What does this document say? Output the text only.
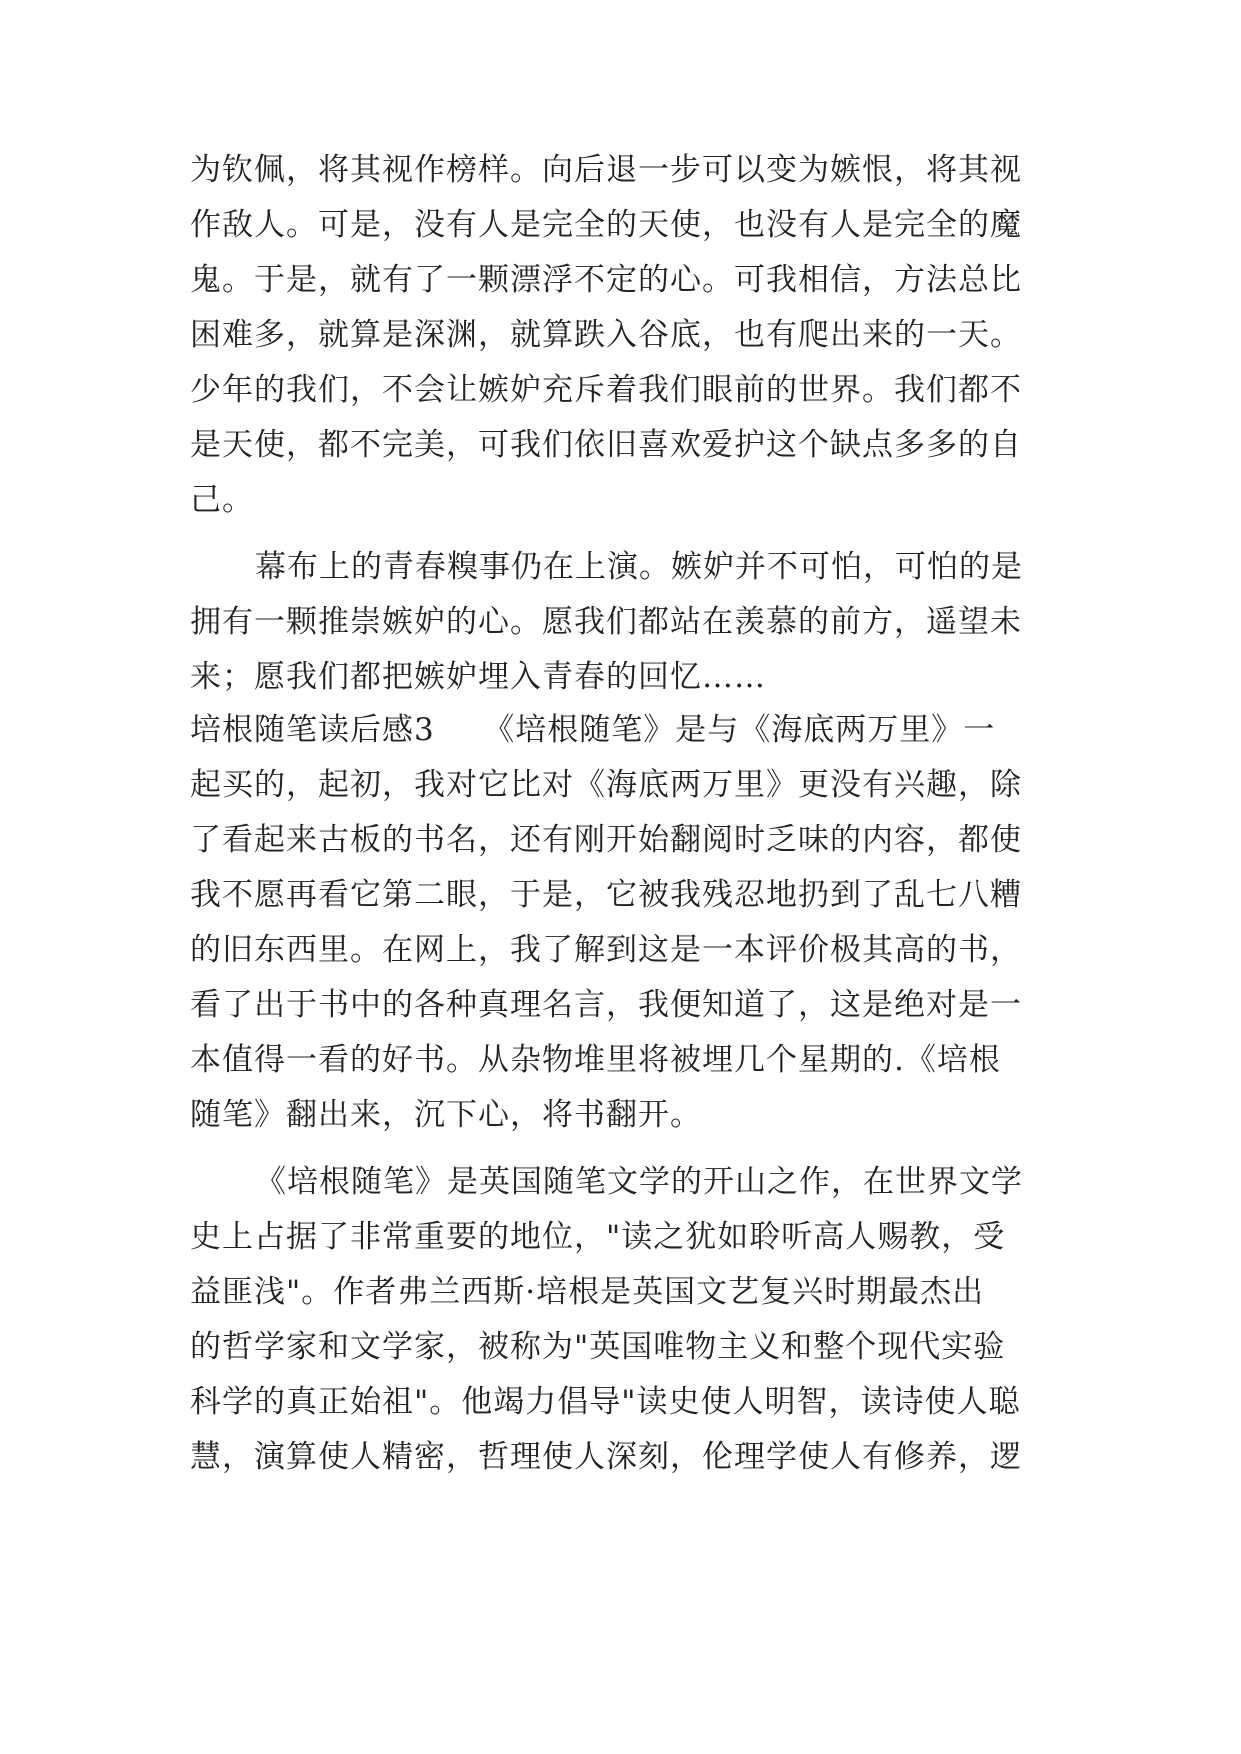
为钦佩，将其视作榜样。向后退一步可以变为嫉恨，将其视
作敌人。可是，没有人是完全的天使，也没有人是完全的魔
鬼。于是，就有了一颗漂浮不定的心。可我相信，方法总比
困难多，就算是深渊，就算跌入谷底，也有爬出来的一天。
少年的我们，不会让嫉妒充斥着我们眼前的世界。我们都不
是天使，都不完美，可我们依旧喜欢爱护这个缺点多多的自
己。
幕布上的青春糗事仍在上演。嫉妒并不可怕，可怕的是
拥有一颗推崇嫉妒的心。愿我们都站在羡慕的前方，遥望未
来；愿我们都把嫉妒埋入青春的回忆……
培根随笔读后感3　　《培根随笔》是与《海底两万里》一
起买的，起初，我对它比对《海底两万里》更没有兴趣，除
了看起来古板的书名，还有刚开始翻阅时乏味的内容，都使
我不愿再看它第二眼，于是，它被我残忍地扔到了乱七八糟
的旧东西里。在网上，我了解到这是一本评价极其高的书，
看了出于书中的各种真理名言，我便知道了，这是绝对是一
本值得一看的好书。从杂物堆里将被埋几个星期的.《培根
随笔》翻出来，沉下心，将书翻开。
《培根随笔》是英国随笔文学的开山之作，在世界文学
史上占据了非常重要的地位，"读之犹如聆听高人赐教，受
益匪浅"。作者弗兰西斯·培根是英国文艺复兴时期最杰出
的哲学家和文学家，被称为"英国唯物主义和整个现代实验
科学的真正始祖"。他竭力倡导"读史使人明智，读诗使人聪
慧，演算使人精密，哲理使人深刻，伦理学使人有修养，逻
